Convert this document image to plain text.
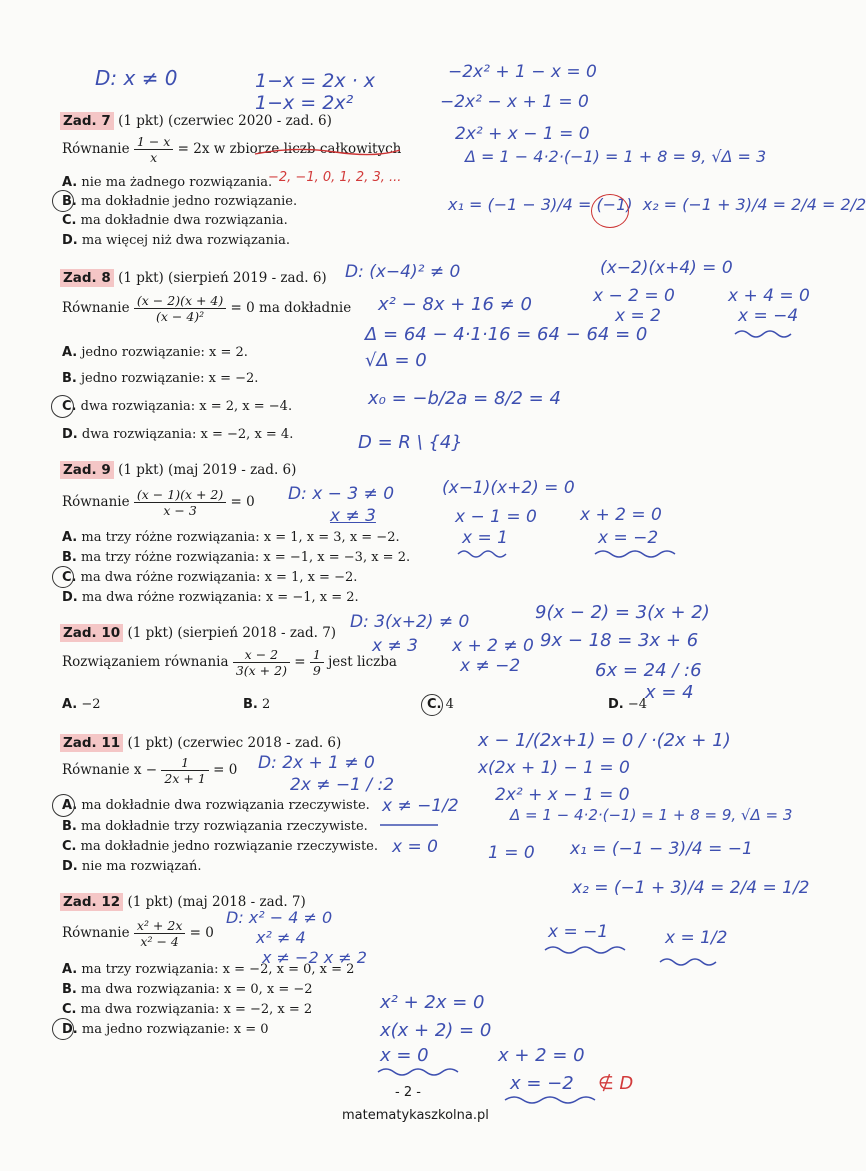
Zad. 7 (1 pkt) (czerwiec 2020 - zad. 6)
Równanie $\frac{1 - x}{x} = 2x$ w zbiorze liczb całkowitych
A. nie ma żadnego rozwiązania.
B. ma dokładnie jedno rozwiązanie.
C. ma dokładnie dwa rozwiązania.
D. ma więcej niż dwa rozwiązania.
D: x ≠ 0	1−x = 2x · x
1−x = 2x²
−2x² + 1 − x = 0
−2x² − x + 1 = 0
2x² + x − 1 = 0
Δ = 1 − 4·2·(−1) = 1 + 8 = 9, √Δ = 3
x₁ = (−1 − 3)/4 = (−1) x₂ = (−1 + 3)/4 = 2/4 = 2/2
−2, −1, 0, 1, 2, 3, ...
Zad. 8 (1 pkt) (sierpień 2019 - zad. 6)
Równanie $\frac{(x - 2)(x + 4)}{\text{(x − 4)²}} = 0$ ma dokładnie
A. jedno rozwiązanie: x = 2.
B. jedno rozwiązanie: x = −2.
C. dwa rozwiązania: x = 2, x = −4.
D. dwa rozwiązania: x = −2, x = 4.
D: (x−4)² ≠ 0
x² − 8x + 16 ≠ 0
Δ = 64 − 4·1·16 = 64 − 64 = 0
√Δ = 0
x₀ = −b/2a = 8/2 = 4
D = R \ {4}
(x−2)(x+4) = 0
x − 2 = 0
x = 2
x + 4 = 0
x = −4
Zad. 9 (1 pkt) (maj 2019 - zad. 6)
Równanie $\frac{(x - 1)(x + 2)}{x - 3} = 0$
A. ma trzy różne rozwiązania: x = 1, x = 3, x = −2.
B. ma trzy różne rozwiązania: x = −1, x = −3, x = 2.
C. ma dwa różne rozwiązania: x = 1, x = −2.
D. ma dwa różne rozwiązania: x = −1, x = 2.
D: x − 3 ≠ 0
x ≠ 3
(x−1)(x+2) = 0
x − 1 = 0
x = 1
x + 2 = 0
x = −2
Zad. 10 (1 pkt) (sierpień 2018 - zad. 7)
Rozwiązaniem równania $\frac{x - 2}{3(x + 2)} = \frac{1}{9}$ jest liczba
A. −2	B. 2	C. 4	D. −4
D: 3(x+2) ≠ 0
x ≠ 3 x + 2 ≠ 0
x ≠ −2
9(x − 2) = 3(x + 2)
9x − 18 = 3x + 6
6x = 24 / :6
x = 4
Zad. 11 (1 pkt) (czerwiec 2018 - zad. 6)
Równanie $x - \frac{1}{2x + 1} = 0$
A. ma dokładnie dwa rozwiązania rzeczywiste.
B. ma dokładnie trzy rozwiązania rzeczywiste.
C. ma dokładnie jedno rozwiązanie rzeczywiste.
D. nie ma rozwiązań.
D: 2x + 1 ≠ 0
2x ≠ −1 / :2
x ≠ −1/2
x = 0	1 = 0
x − 1/(2x+1) = 0 / ·(2x + 1)
x(2x + 1) − 1 = 0
2x² + x − 1 = 0
Δ = 1 − 4·2·(−1) = 1 + 8 = 9, √Δ = 3
x₁ = (−1 − 3)/4 = −1
x₂ = (−1 + 3)/4 = 2/4 = 1/2
x = −1	x = 1/2
Zad. 12 (1 pkt) (maj 2018 - zad. 7)
Równanie $\frac{\text{x² + 2x}}{\text{x² − 4}} = 0$
A. ma trzy rozwiązania: x = −2, x = 0, x = 2
B. ma dwa rozwiązania: x = 0, x = −2
C. ma dwa rozwiązania: x = −2, x = 2
D. ma jedno rozwiązanie: x = 0
D: x² − 4 ≠ 0
x² ≠ 4
x ≠ −2 x ≠ 2
x² + 2x = 0
x(x + 2) = 0
x = 0	x + 2 = 0
x = −2 ∉ D
- 2 -
matematykaszkolna.pl
